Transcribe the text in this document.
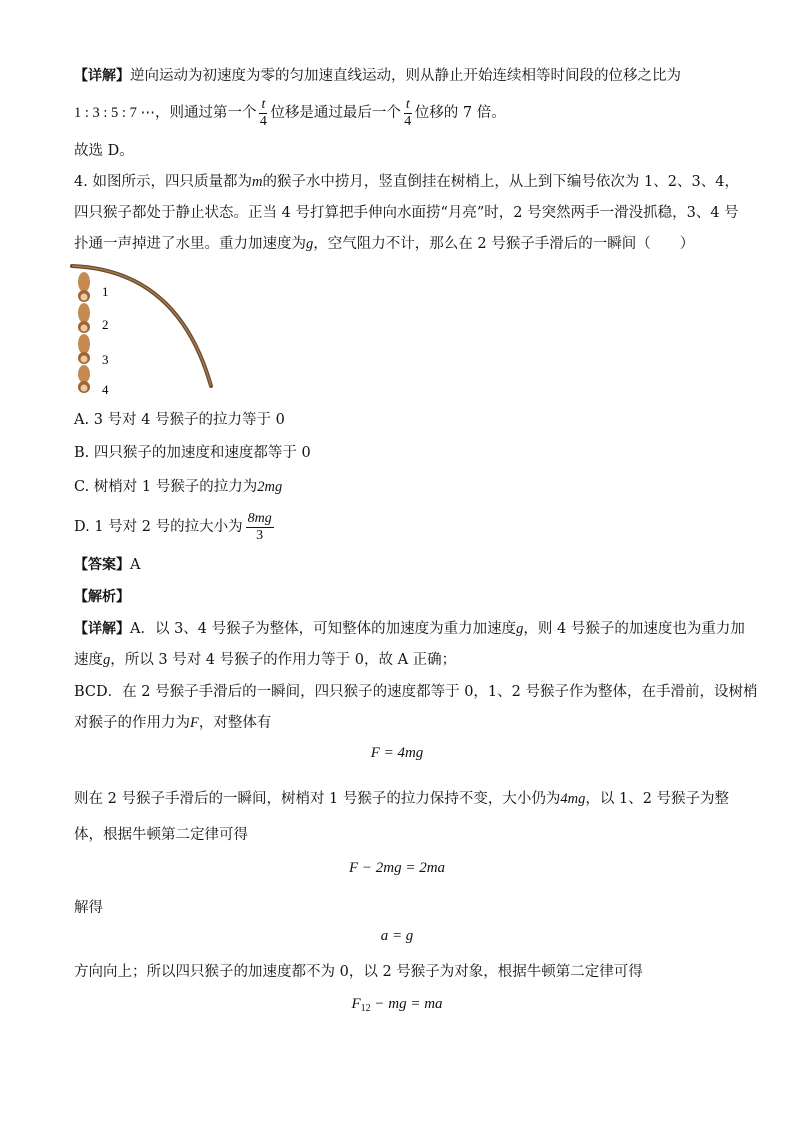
【详解】逆向运动为初速度为零的匀加速直线运动，则从静止开始连续相等时间段的位移之比为
1 : 3 : 5 : 7 ⋯，则通过第一个 $\frac{t}{4}$ 位移是通过最后一个 $\frac{t}{4}$ 位移的 7 倍。
故选 D。
4. 如图所示，四只质量都为m的猴子水中捞月，竖直倒挂在树梢上，从上到下编号依次为 1、2、3、4，
四只猴子都处于静止状态。正当 4 号打算把手伸向水面捞“月亮”时，2 号突然两手一滑没抓稳，3、4 号
扑通一声掉进了水里。重力加速度为g，空气阻力不计，那么在 2 号猴子手滑后的一瞬间（　　）
1
2
3
4
A. 3 号对 4 号猴子的拉力等于 0
B. 四只猴子的加速度和速度都等于 0
C. 树梢对 1 号猴子的拉力为2mg
D. 1 号对 2 号的拉大小为 $\frac{8mg}{3}$
【答案】A
【解析】
【详解】A．以 3、4 号猴子为整体，可知整体的加速度为重力加速度g，则 4 号猴子的加速度也为重力加
速度g，所以 3 号对 4 号猴子的作用力等于 0，故 A 正确；
BCD．在 2 号猴子手滑后的一瞬间，四只猴子的速度都等于 0，1、2 号猴子作为整体，在手滑前，设树梢
对猴子的作用力为F，对整体有
F = 4mg
则在 2 号猴子手滑后的一瞬间，树梢对 1 号猴子的拉力保持不变，大小仍为4mg，以 1、2 号猴子为整
体，根据牛顿第二定律可得
F − 2mg = 2ma
解得
a = g
方向向上；所以四只猴子的加速度都不为 0，以 2 号猴子为对象，根据牛顿第二定律可得
$F_{12}$ − mg = ma
